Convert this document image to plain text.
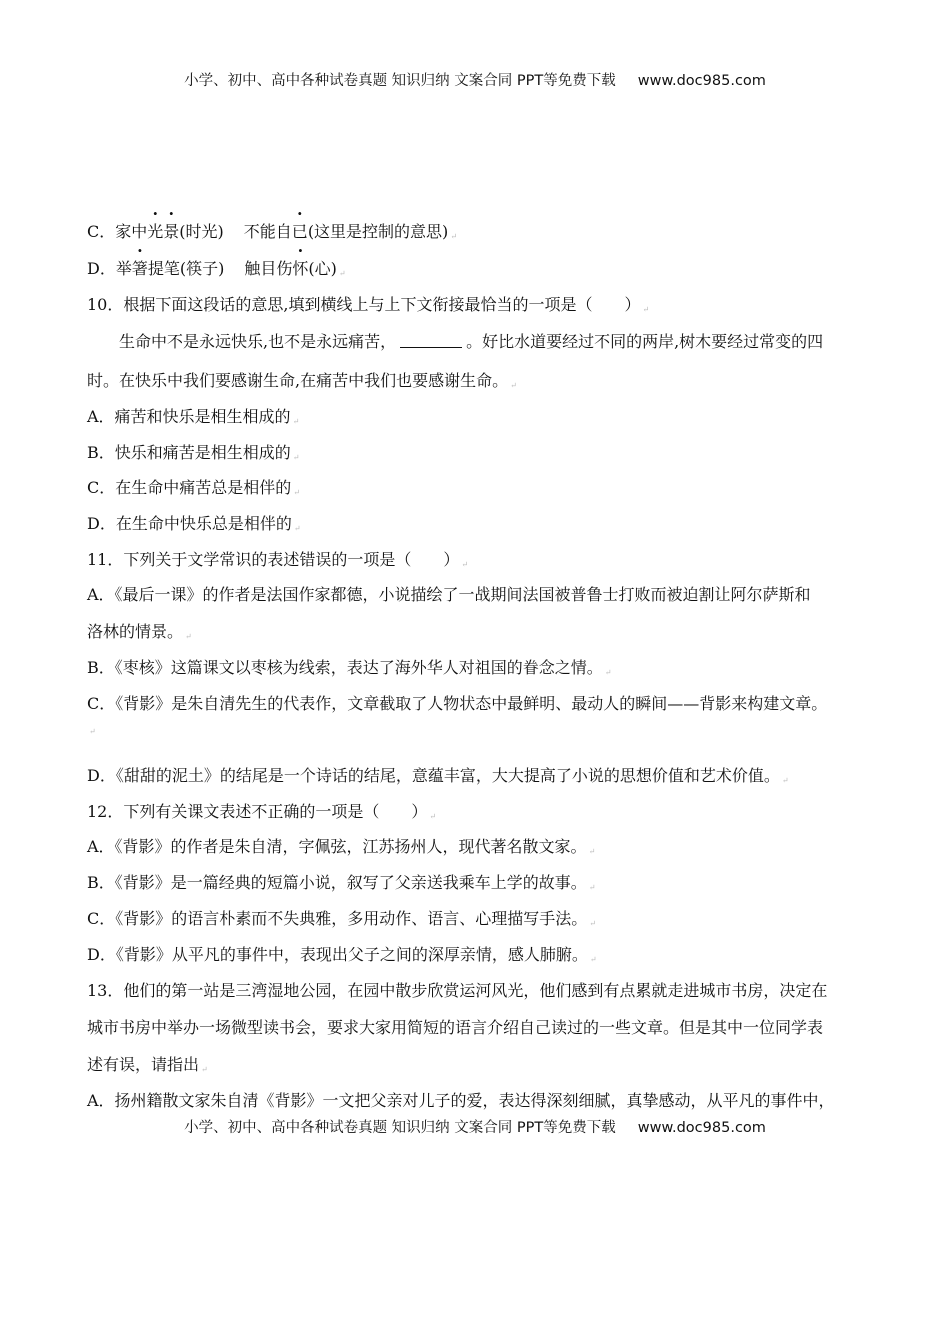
小学、初中、高中各种试卷真题 知识归纳 文案合同 PPT等免费下载 www.doc985.com
C．家中光景(时光) 不能自已(这里是控制的意思) ↵
D．举箸提笔(筷子) 触目伤怀(心) ↵
10．根据下面这段话的意思,填到横线上与上下文衔接最恰当的一项是（　　） ↵
生命中不是永远快乐,也不是永远痛苦，	。好比水道要经过不同的两岸,树木要经过常变的四
时。在快乐中我们要感谢生命,在痛苦中我们也要感谢生命。 ↵
A．痛苦和快乐是相生相成的 ↵
B．快乐和痛苦是相生相成的 ↵
C．在生命中痛苦总是相伴的 ↵
D．在生命中快乐总是相伴的 ↵
11．下列关于文学常识的表述错误的一项是（　　） ↵
A．《最后一课》的作者是法国作家都德，小说描绘了一战期间法国被普鲁士打败而被迫割让阿尔萨斯和
洛林的情景。 ↵
B．《枣核》这篇课文以枣核为线索，表达了海外华人对祖国的眷念之情。 ↵
C．《背影》是朱自清先生的代表作，文章截取了人物状态中最鲜明、最动人的瞬间——背影来构建文章。
↵
D．《甜甜的泥土》的结尾是一个诗话的结尾，意蕴丰富，大大提高了小说的思想价值和艺术价值。 ↵
12．下列有关课文表述不正确的一项是（　　） ↵
A．《背影》的作者是朱自清，字佩弦，江苏扬州人，现代著名散文家。 ↵
B．《背影》是一篇经典的短篇小说，叙写了父亲送我乘车上学的故事。 ↵
C．《背影》的语言朴素而不失典雅，多用动作、语言、心理描写手法。 ↵
D．《背影》从平凡的事件中，表现出父子之间的深厚亲情，感人肺腑。 ↵
13．他们的第一站是三湾湿地公园，在园中散步欣赏运河风光，他们感到有点累就走进城市书房，决定在
城市书房中举办一场微型读书会，要求大家用简短的语言介绍自己读过的一些文章。但是其中一位同学表
述有误，请指出 ↵
A．扬州籍散文家朱自清《背影》一文把父亲对儿子的爱，表达得深刻细腻，真挚感动，从平凡的事件中，
小学、初中、高中各种试卷真题 知识归纳 文案合同 PPT等免费下载 www.doc985.com
